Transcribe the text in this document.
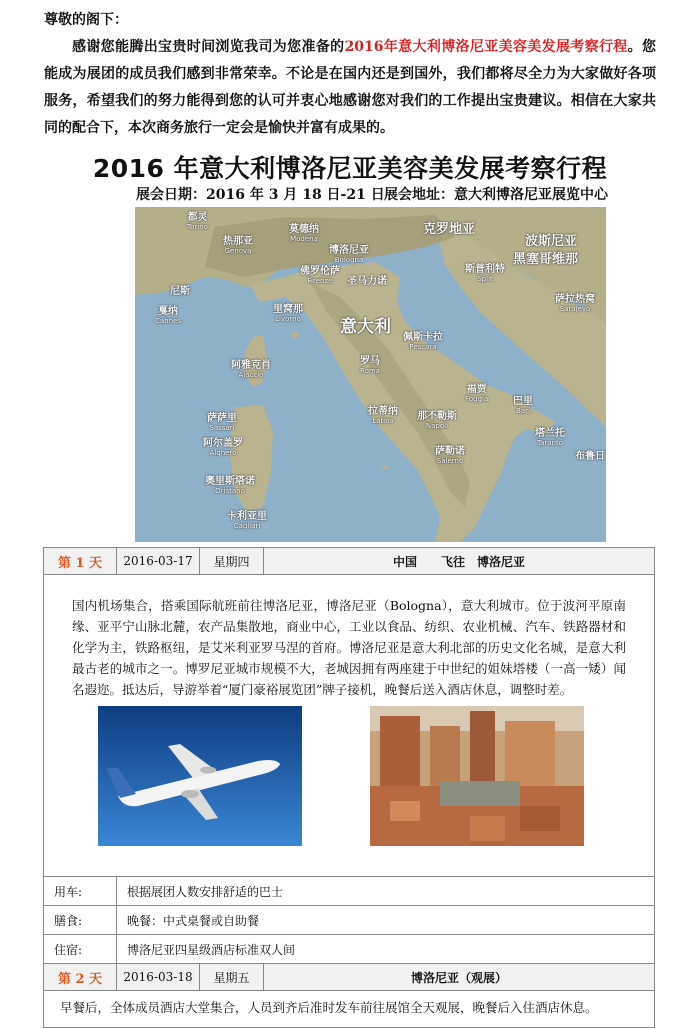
尊敬的阁下：
感谢您能腾出宝贵时间浏览我司为您准备的2016年意大利博洛尼亚美容美发展考察行程。您能成为展团的成员我们感到非常荣幸。不论是在国内还是到国外，我们都将尽全力为大家做好各项服务，希望我们的努力能得到您的认可并衷心地感谢您对我们的工作提出宝贵建议。相信在大家共同的配合下，本次商务旅行一定会是愉快并富有成果的。
2016 年意大利博洛尼亚美容美发展考察行程
展会日期：2016 年 3 月 18 日-21 日 展会地址：意大利博洛尼亚展览中心
都灵
Torino
热那亚
Genova
尼斯
戛纳
Cannes
莫德纳
Modena
博洛尼亚
Bologna
佛罗伦萨
Firenze	圣马力诺
里窝那
Livorno
克罗地亚
波斯尼亚
黑塞哥维那
意大利
佩斯卡拉
Pescara
阿雅克肖
Ajaccio
罗马
Roma
拉蒂纳
Latina	那不勒斯
Napoli
萨萨里
Sassari
阿尔盖罗
Alghero
奥里斯塔诺
Oristano
卡利亚里
Cagliari
巴里
Bari
塔兰托
Taranto
萨勒诺
Salerno
福贾
Foggia
布鲁日
萨拉热窝
Sarajevo
斯普利特
Split
第 1 天	2016-03-17	星期四	中国　　飞往　博洛尼亚

国内机场集合，搭乘国际航班前往博洛尼亚，博洛尼亚（Bologna），意大利城市。位于波河平原南缘、亚平宁山脉北麓，农产品集散地，商业中心，工业以食品、纺织、农业机械、汽车、铁路器材和化学为主，铁路枢纽，是艾米利亚罗马涅的首府。博洛尼亚是意大利北部的历史文化名城，是意大利最古老的城市之一。博罗尼亚城市规模不大，老城因拥有两座建于中世纪的姐妹塔楼（一高一矮）闻名遐迩。抵达后，导游举着“厦门豪裕展览团”牌子接机，晚餐后送入酒店休息，调整时差。			

用车:	根据展团人数安排舒适的巴士		
膳食:	晚餐：中式桌餐或自助餐		
住宿:	博洛尼亚四星级酒店标准双人间		
第 2 天	2016-03-18	星期五	博洛尼亚（观展）
早餐后，全体成员酒店大堂集合，人员到齐后准时发车前往展馆全天观展，晚餐后入住酒店休息。			
